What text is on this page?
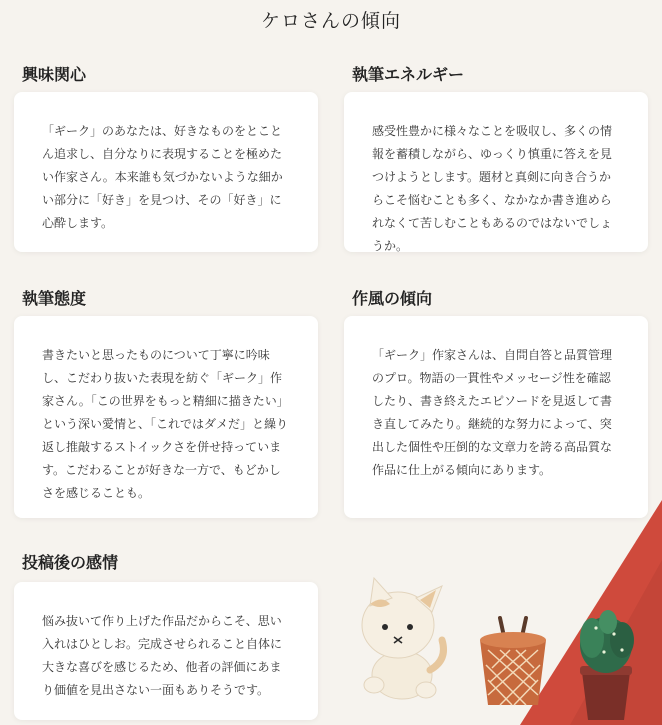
ケロさんの傾向
興味関心
「ギーク」のあなたは、好きなものをとことん追求し、自分なりに表現することを極めたい作家さん。本来誰も気づかないような細かい部分に「好き」を見つけ、その「好き」に心酔します。
執筆エネルギー
感受性豊かに様々なことを吸収し、多くの情報を蓄積しながら、ゆっくり慎重に答えを見つけようとします。題材と真剣に向き合うからこそ悩むことも多く、なかなか書き進められなくて苦しむこともあるのではないでしょうか。
執筆態度
書きたいと思ったものについて丁寧に吟味し、こだわり抜いた表現を紡ぐ「ギーク」作家さん。「この世界をもっと精細に描きたい」という深い愛情と、「これではダメだ」と繰り返し推敲するストイックさを併せ持っています。こだわることが好きな一方で、もどかしさを感じることも。
作風の傾向
「ギーク」作家さんは、自問自答と品質管理のプロ。物語の一貫性やメッセージ性を確認したり、書き終えたエピソードを見返して書き直してみたり。継続的な努力によって、突出した個性や圧倒的な文章力を誇る高品質な作品に仕上がる傾向にあります。
投稿後の感情
悩み抜いて作り上げた作品だからこそ、思い入れはひとしお。完成させられること自体に大きな喜びを感じるため、他者の評価にあまり価値を見出さない一面もありそうです。
